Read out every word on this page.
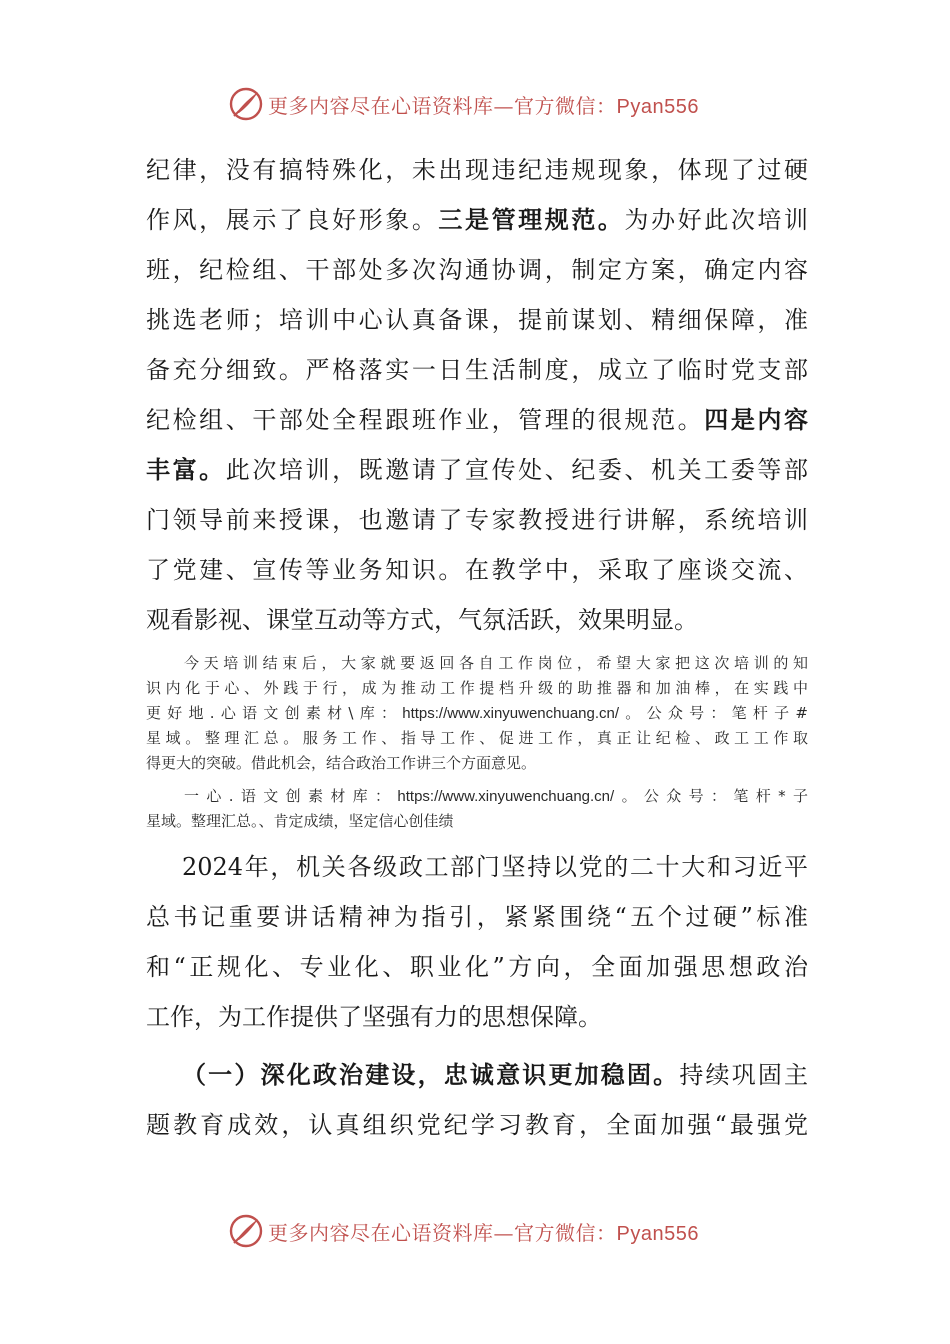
更多内容尽在心语资料库—官方微信：Pyan556
纪律，没有搞特殊化，未出现违纪违规现象，体现了过硬
作风，展示了良好形象。三是管理规范。为办好此次培训
班，纪检组、干部处多次沟通协调，制定方案，确定内容
挑选老师；培训中心认真备课，提前谋划、精细保障，准
备充分细致。严格落实一日生活制度，成立了临时党支部
纪检组、干部处全程跟班作业，管理的很规范。四是内容
丰富。此次培训，既邀请了宣传处、纪委、机关工委等部
门领导前来授课，也邀请了专家教授进行讲解，系统培训
了党建、宣传等业务知识。在教学中，采取了座谈交流、
观看影视、课堂互动等方式，气氛活跃，效果明显。
今天培训结束后，大家就要返回各自工作岗位，希望大家把这次培训的知
识内化于心、外践于行，成为推动工作提档升级的助推器和加油棒，在实践中
更好地.心语文创素材\库：https://www.xinyuwenchuang.cn/。公众号：笔杆子#
星域。整理汇总。服务工作、指导工作、促进工作，真正让纪检、政工工作取
得更大的突破。借此机会，结合政治工作讲三个方面意见。
一心.语文创素材库：https://www.xinyuwenchuang.cn/。公众号：笔杆*子
星域。整理汇总。、肯定成绩，坚定信心创佳绩
2024年，机关各级政工部门坚持以党的二十大和习近平
总书记重要讲话精神为指引，紧紧围绕“五个过硬”标准
和“正规化、专业化、职业化”方向，全面加强思想政治
工作，为工作提供了坚强有力的思想保障。
（一）深化政治建设，忠诚意识更加稳固。持续巩固主
题教育成效，认真组织党纪学习教育，全面加强“最强党
更多内容尽在心语资料库—官方微信：Pyan556
